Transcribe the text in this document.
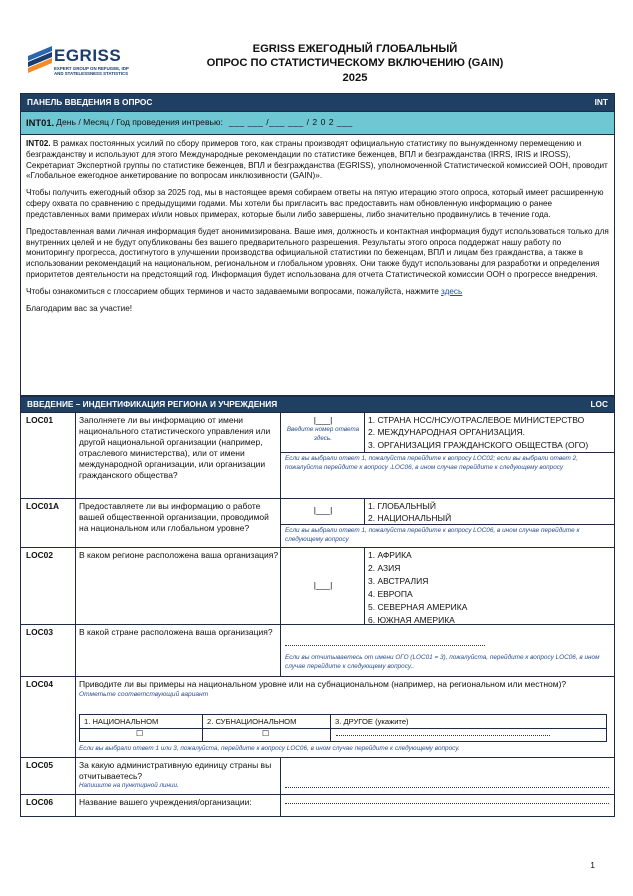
EGRISS
EXPERT GROUP ON REFUGEE, IDP AND STATELESSNESS STATISTICS
EGRISS ЕЖЕГОДНЫЙ ГЛОБАЛЬНЫЙ
ОПРОС ПО СТАТИСТИЧЕСКОМУ ВКЛЮЧЕНИЮ (GAIN)
2025
ПАНЕЛЬ ВВЕДЕНИЯ В ОПРОС	INT
INT01. День / Месяц / Год проведения интревью: ___ ___ /___ ___ / 2 0 2 ___

INT02. В рамках постоянных усилий по сбору примеров того, как страны производят официальную статистику по вынужденному перемещению и безгражданству и используют для этого Международные рекомендации по статистике беженцев, ВПЛ и безгражданства (IRRS, IRIS и IROSS), Секретариат Экспертной группы по статистике беженцев, ВПЛ и безгражданства (EGRISS), уполномоченной Статистической комиссией ООН, проводит «Глобальное ежегодное анкетирование по вопросам инклюзивности (GAIN)».

Чтобы получить ежегодный обзор за 2025 год, мы в настоящее время собираем ответы на пятую итерацию этого опроса, который имеет расширенную сферу охвата по сравнению с предыдущими годами. Мы хотели бы пригласить вас предоставить нам обновленную информацию о ранее представленных вами примерах и/или новых примерах, которые были либо завершены, либо значительно продвинулись в течение года.

Предоставленная вами личная информация будет анонимизирована. Ваше имя, должность и контактная информация будут использоваться только для внутренних целей и не будут опубликованы без вашего предварительного разрешения. Результаты этого опроса поддержат нашу работу по мониторингу прогресса, достигнутого в улучшении производства официальной статистики по беженцам, ВПЛ и лицам без гражданства, а также в использовании рекомендаций на национальном, региональном и глобальном уровнях. Они также будут использованы для разработки и определения приоритетов деятельности на предстоящий год. Информация будет использована для отчета Статистической комиссии ООН о прогрессе внедрения.

Чтобы ознакомиться с глоссарием общих терминов и часто задаваемыми вопросами, пожалуйста, нажмите здесь

Благодарим вас за участие!

ВВЕДЕНИЕ – ИНДЕНТИФИКАЦИЯ РЕГИОНА И УЧРЕЖДЕНИЯ	LOC
LOC01	Заполняете ли вы информацию от имени национального статистического управления или другой национальной организации (например, отраслевого министерства), или от имени международной организации, или организации гражданского общества?
|___|
Введите номер ответа здесь.
1. СТРАНА НСС/НСУ/ОТРАСЛЕВОЕ МИНИСТЕРСТВО
2. МЕЖДУНАРОДНАЯ ОРГАНИЗАЦИЯ.
3. ОРГАНИЗАЦИЯ ГРАЖДАНСКОГО ОБЩЕСТВА (ОГО)
Если вы выбрали ответ 1, пожалуйста перейдите к вопросу LOC02; если вы выбрали ответ 2, пожалуйста перейдите к вопросу .LOC06, в ином случае перейдите к следующему вопросу
LOC01A Предоставляете ли вы информацию о работе вашей общественной организации, проводимой на национальном или глобальном уровне?
|___|	1. ГЛОБАЛЬНЫЙ
2. НАЦИОНАЛЬНЫЙ
Если вы выбрали ответ 1, пожалуйста перейдите к вопросу LOC06, в ином случае перейдите к следующему вопросу
LOC02	В каком регионе расположена ваша организация?
|___|
1. АФРИКА
2. АЗИЯ
3. АВСТРАЛИЯ
4. ЕВРОПА
5. СЕВЕРНАЯ АМЕРИКА
6. ЮЖНАЯ АМЕРИКА
LOC03	В какой стране расположена ваша организация?
Если вы отчитываетесь от имени ОГО (LOC01 = 3), пожалуйста, перейдите к вопросу LOC06, в ином случае перейдите к следующему вопросу..
LOC04	Приводите ли вы примеры на национальном уровне или на субнациональном (например, на региональном или местном)?
Отметьте соответствующий вариант
1. НАЦИОНАЛЬНОМ	2. СУБНАЦИОНАЛЬНОМ	3. ДРУГОЕ (укажите)
☐	☐
Если вы выбрали ответ 1 или 3, пожалуйста, перейдите к вопросу LOC06, в ином случае перейдите к следующему вопросу.
LOC05	За какую административную единицу страны вы отчитываетесь?
Напишите на пунктирной линии.
LOC06	Название вашего учреждения/организации:
1
